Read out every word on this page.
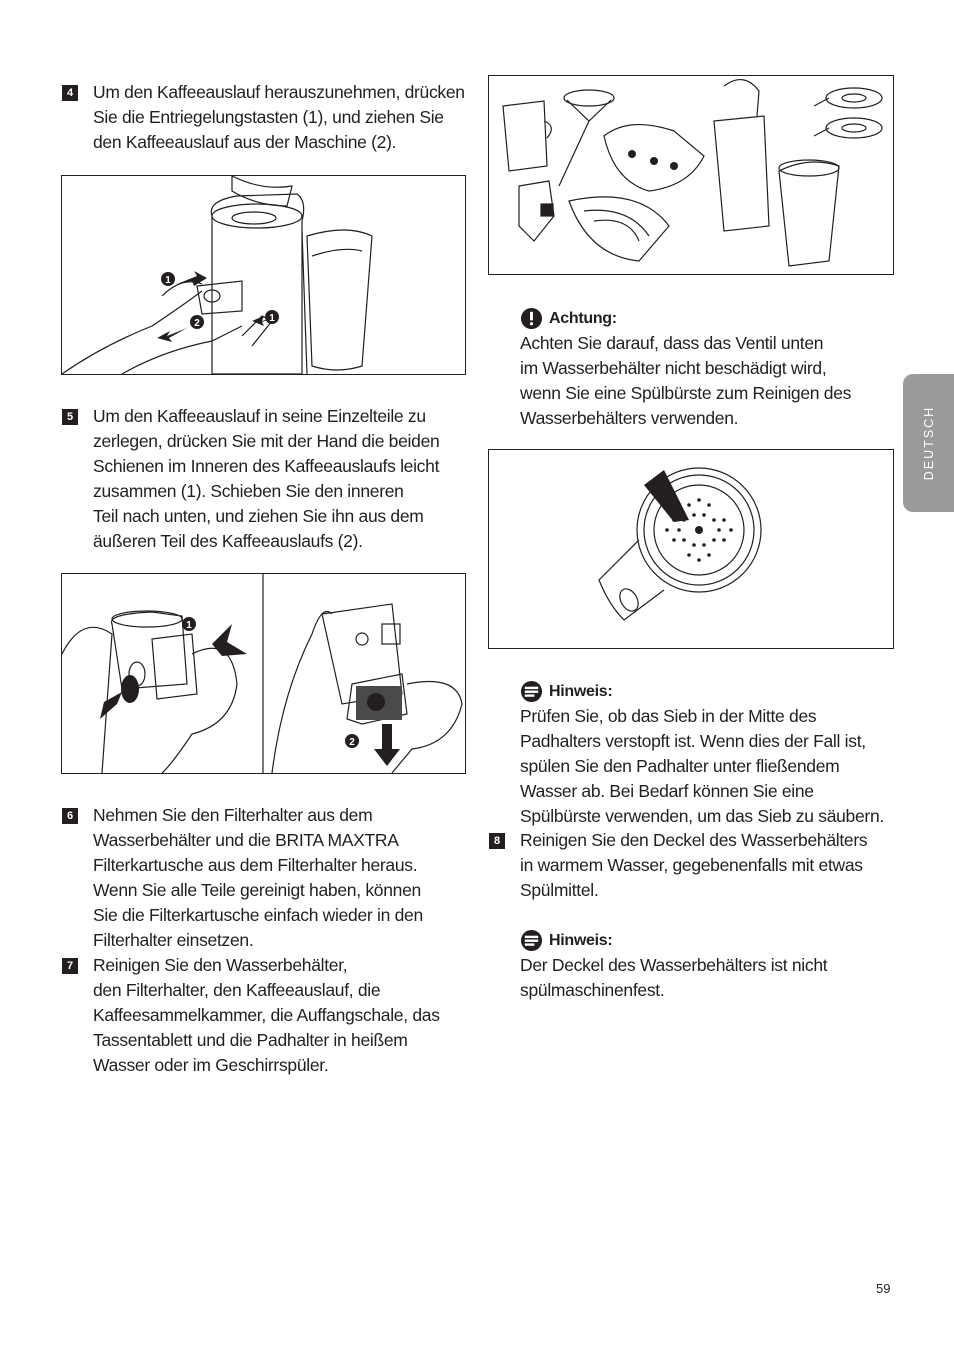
4 Um den Kaffeeauslauf herauszunehmen, drücken
Sie die Entriegelungstasten (1), und ziehen Sie
den Kaffeeauslauf aus der Maschine (2).

1
1
2
5 Um den Kaffeeauslauf in seine Einzelteile zu
zerlegen, drücken Sie mit der Hand die beiden
Schienen im Inneren des Kaffeeauslaufs leicht
zusammen (1). Schieben Sie den inneren
Teil nach unten, und ziehen Sie ihn aus dem
äußeren Teil des Kaffeeauslaufs (2).

1
2
6 Nehmen Sie den Filterhalter aus dem
Wasserbehälter und die BRITA MAXTRA
Filterkartusche aus dem Filterhalter heraus.
Wenn Sie alle Teile gereinigt haben, können
Sie die Filterkartusche einfach wieder in den
Filterhalter einsetzen.

7 Reinigen Sie den Wasserbehälter,
den Filterhalter, den Kaffeeauslauf, die
Kaffeesammelkammer, die Auffangschale, das
Tassentablett und die Padhalter in heißem
Wasser oder im Geschirrspüler.

Achtung:

Achten Sie darauf, dass das Ventil unten
im Wasserbehälter nicht beschädigt wird,
wenn Sie eine Spülbürste zum Reinigen des
Wasserbehälters verwenden.

Hinweis:

Prüfen Sie, ob das Sieb in der Mitte des
Padhalters verstopft ist. Wenn dies der Fall ist,
spülen Sie den Padhalter unter fließendem
Wasser ab. Bei Bedarf können Sie eine
Spülbürste verwenden, um das Sieb zu säubern.

8 Reinigen Sie den Deckel des Wasserbehälters
in warmem Wasser, gegebenenfalls mit etwas
Spülmittel.

Hinweis:

Der Deckel des Wasserbehälters ist nicht
spülmaschinenfest.

DEUTSCH
59
